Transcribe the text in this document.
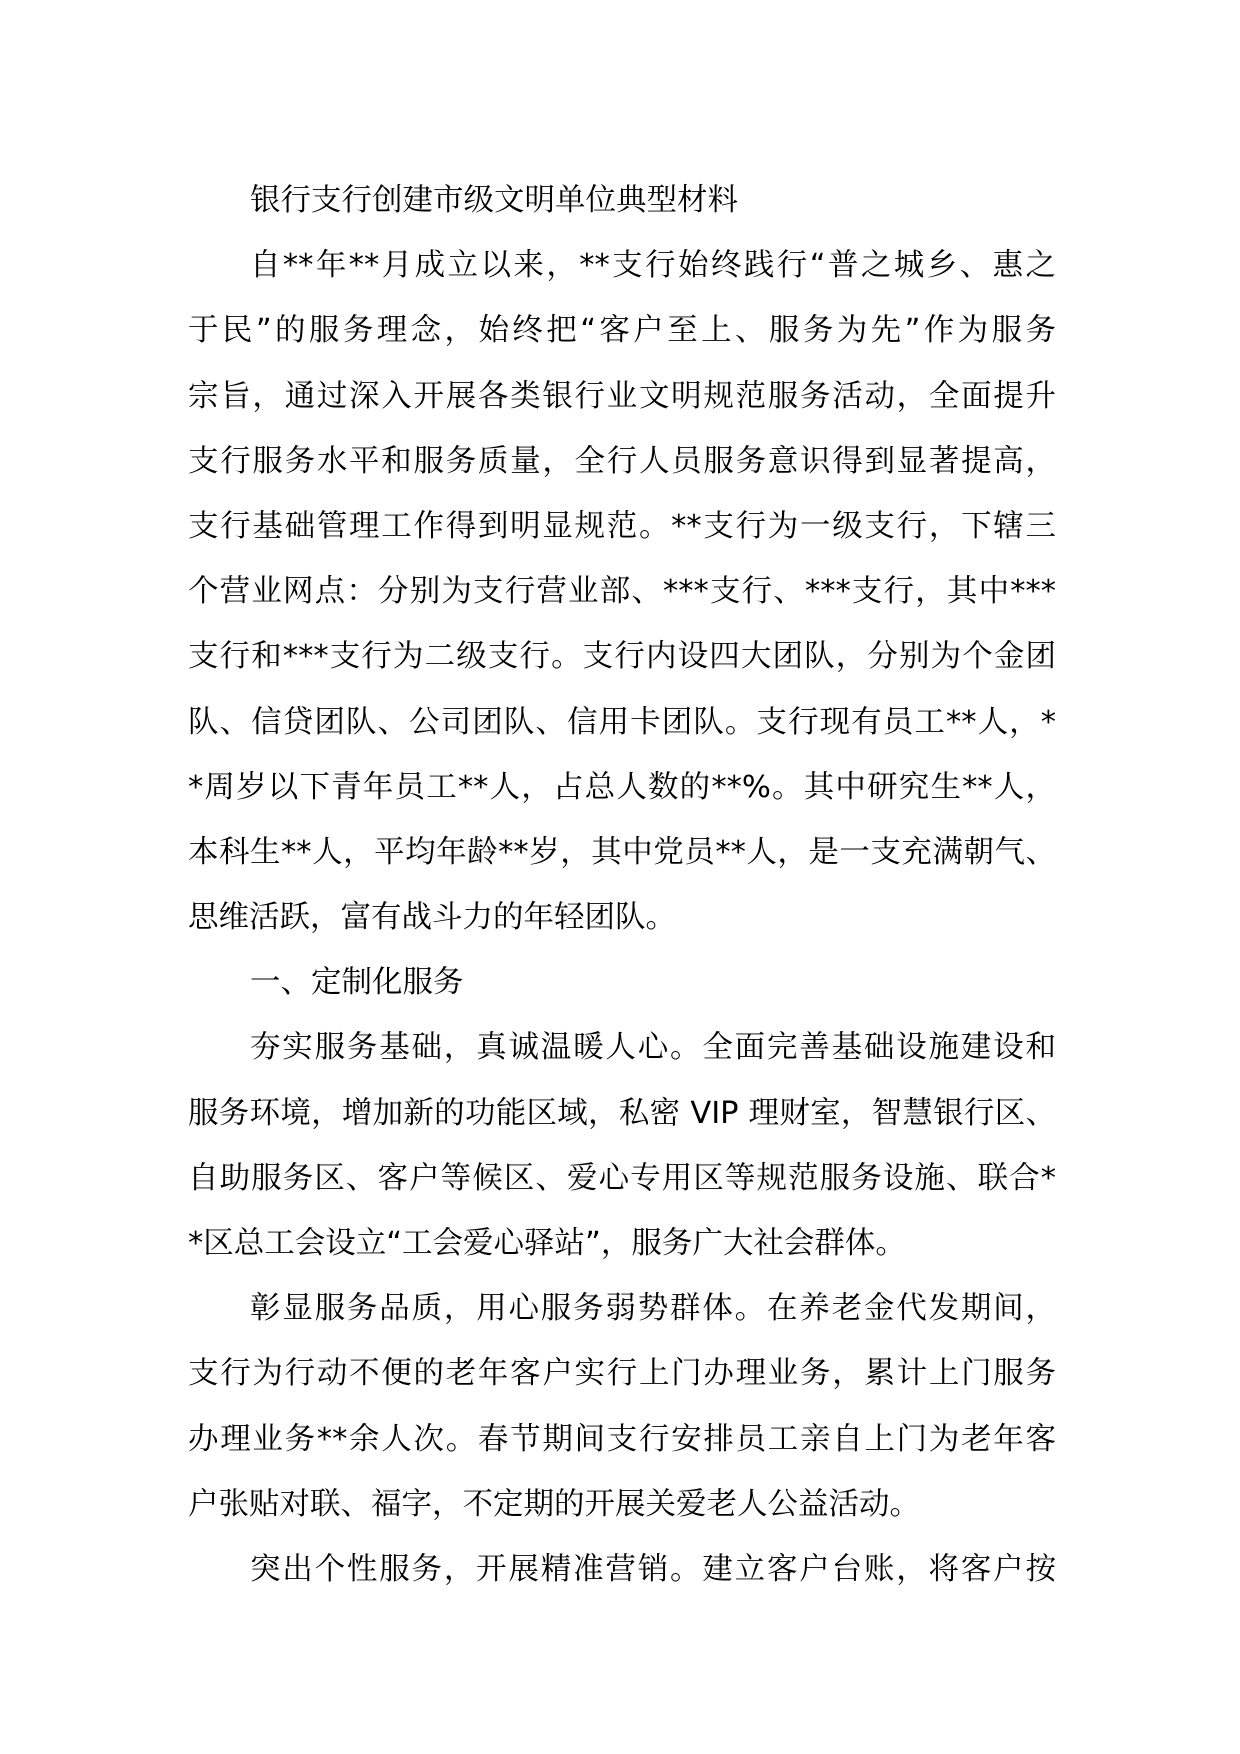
银行支行创建市级文明单位典型材料
自**年**月成立以来，**支行始终践行“普之城乡、惠之
于民”的服务理念，始终把“客户至上、服务为先”作为服务
宗旨，通过深入开展各类银行业文明规范服务活动，全面提升
支行服务水平和服务质量，全行人员服务意识得到显著提高，
支行基础管理工作得到明显规范。**支行为一级支行，下辖三
个营业网点：分别为支行营业部、***支行、***支行，其中***
支行和***支行为二级支行。支行内设四大团队，分别为个金团
队、信贷团队、公司团队、信用卡团队。支行现有员工**人，*
*周岁以下青年员工**人，占总人数的**%。其中研究生**人，
本科生**人，平均年龄**岁，其中党员**人，是一支充满朝气、
思维活跃，富有战斗力的年轻团队。
一、定制化服务
夯实服务基础，真诚温暖人心。全面完善基础设施建设和
服务环境，增加新的功能区域，私密 VIP 理财室，智慧银行区、
自助服务区、客户等候区、爱心专用区等规范服务设施、联合*
*区总工会设立“工会爱心驿站”，服务广大社会群体。
彰显服务品质，用心服务弱势群体。在养老金代发期间，
支行为行动不便的老年客户实行上门办理业务，累计上门服务
办理业务**余人次。春节期间支行安排员工亲自上门为老年客
户张贴对联、福字，不定期的开展关爱老人公益活动。
突出个性服务，开展精准营销。建立客户台账，将客户按
